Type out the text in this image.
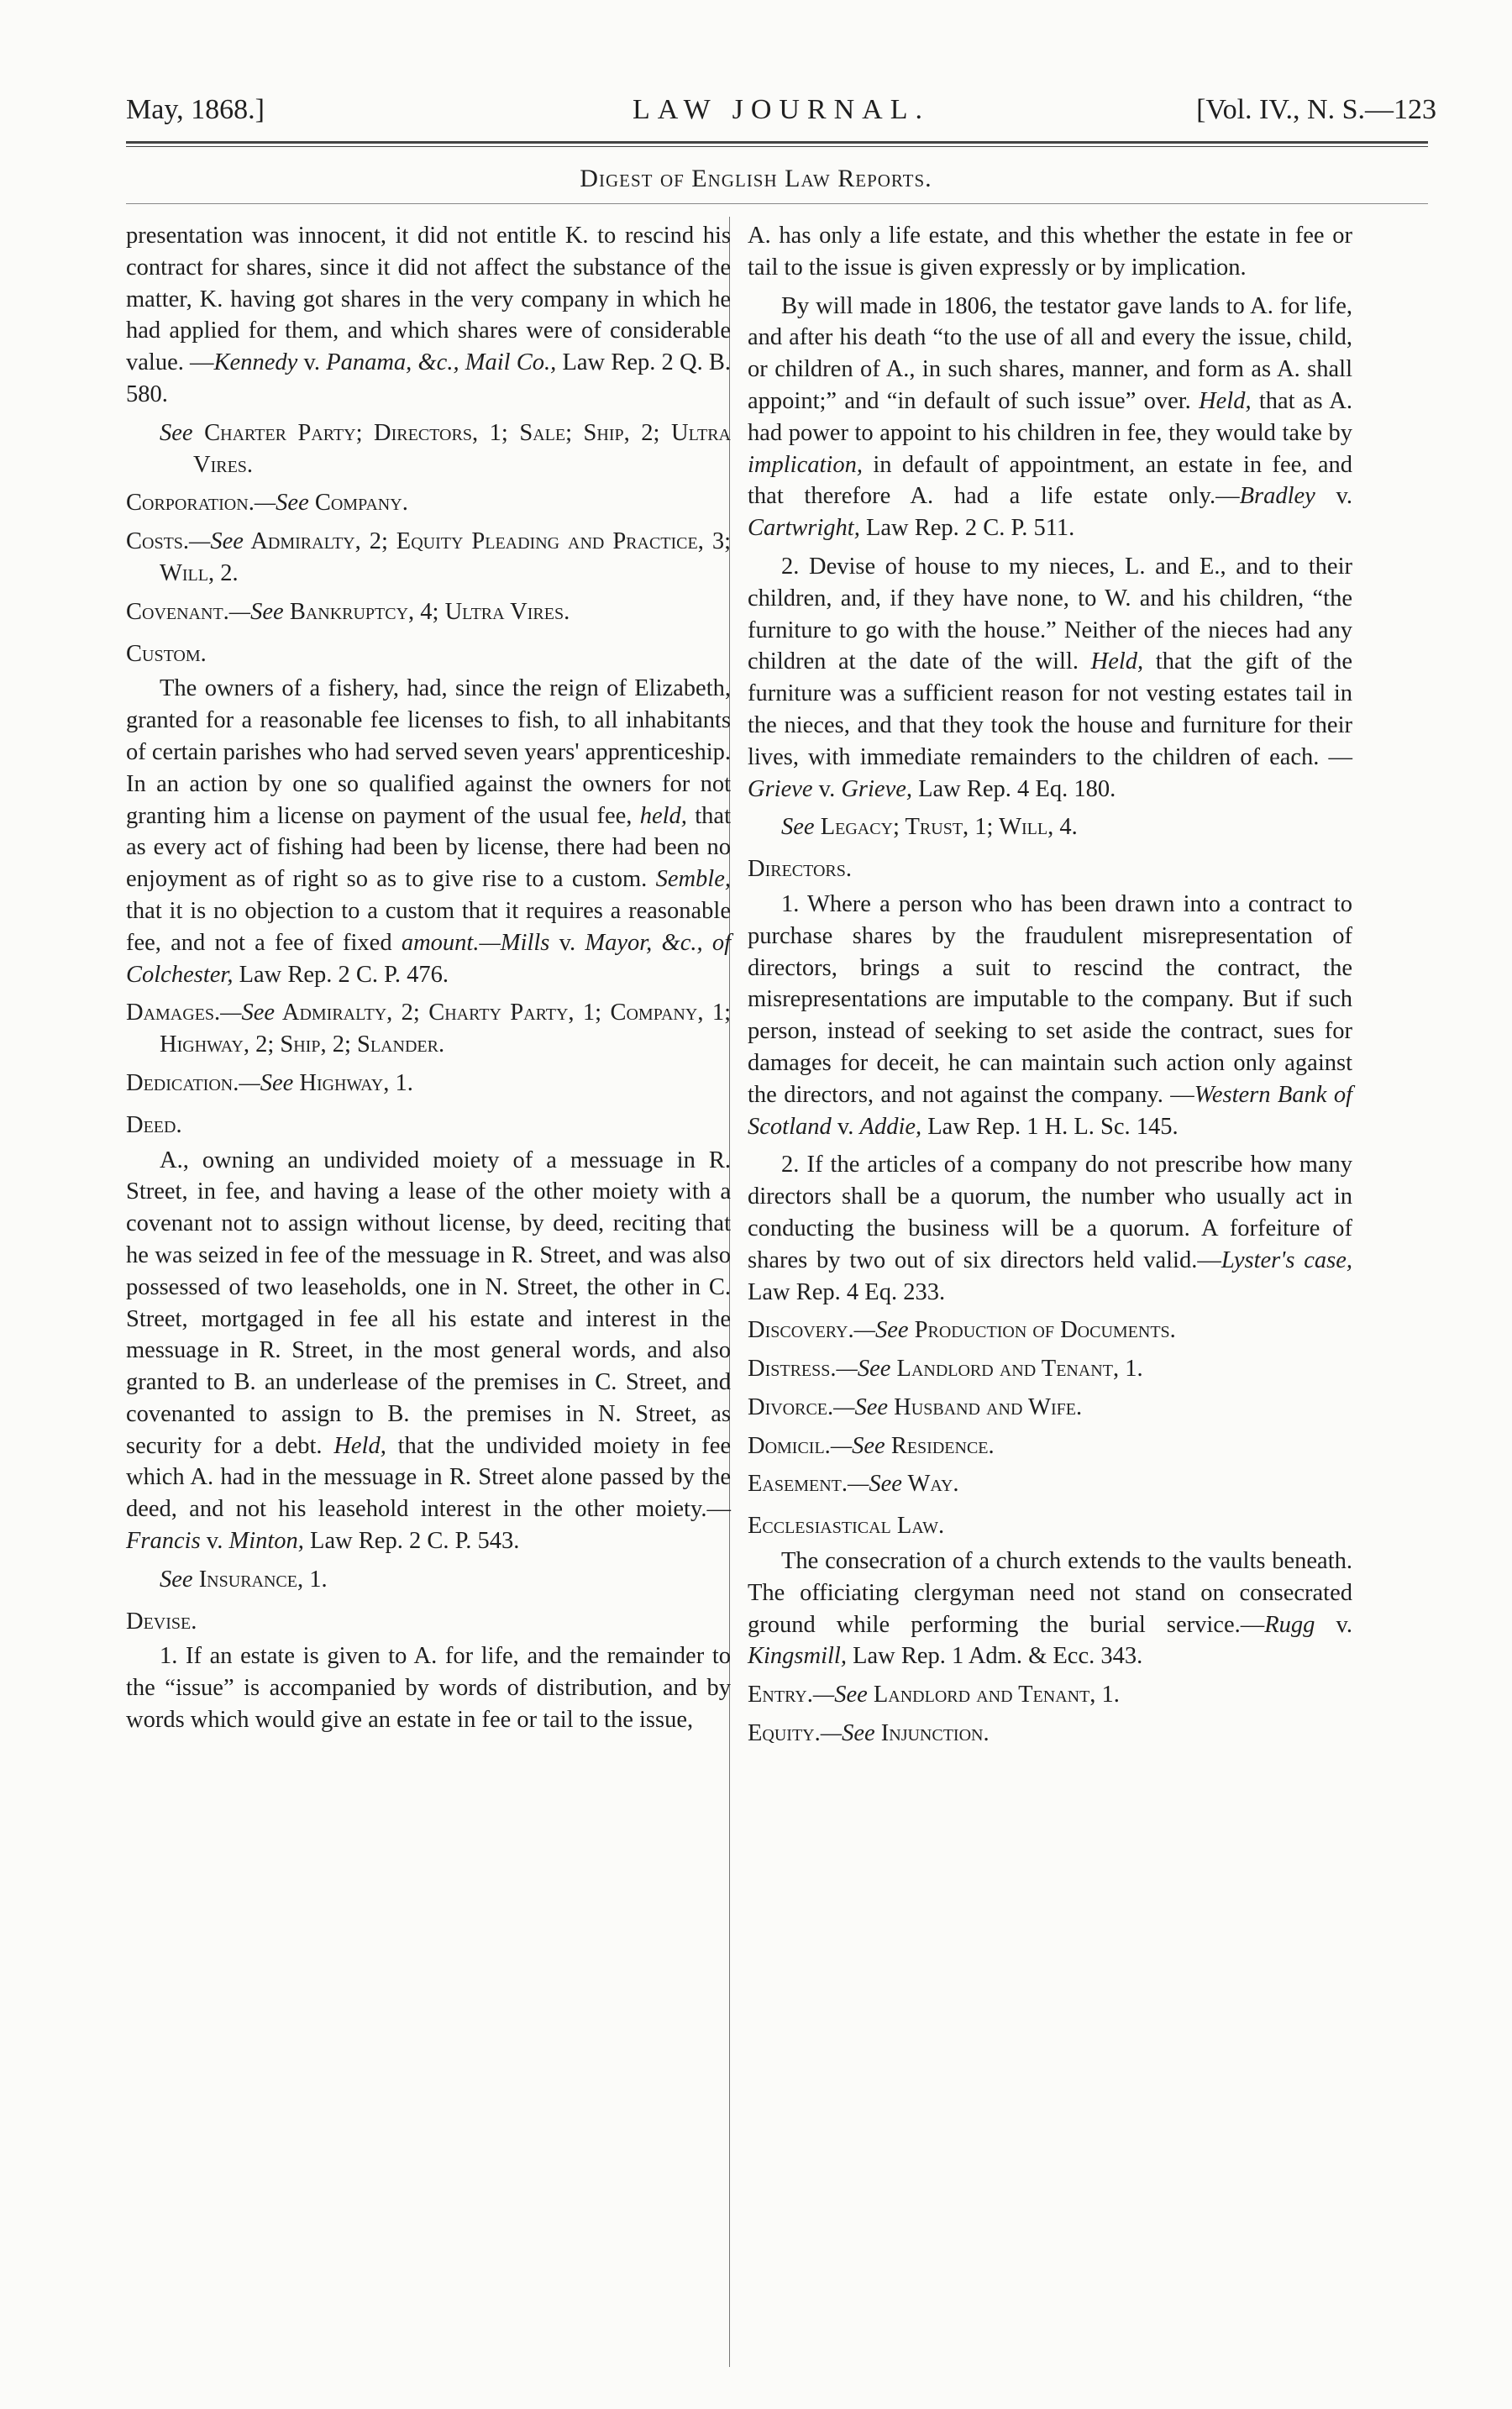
May, 1868.]	LAW JOURNAL.	[Vol. IV., N. S.—123
Digest of English Law Reports.

presentation was innocent, it did not entitle K. to rescind his contract for shares, since it did not affect the substance of the matter, K. having got shares in the very company in which he had applied for them, and which shares were of considerable value. —Kennedy v. Panama, &c., Mail Co., Law Rep. 2 Q. B. 580.

See Charter Party; Directors, 1; Sale; Ship, 2; Ultra Vires.

Corporation.—See Company.

Costs.—See Admiralty, 2; Equity Pleading and Practice, 3; Will, 2.

Covenant.—See Bankruptcy, 4; Ultra Vires.

Custom.

The owners of a fishery, had, since the reign of Elizabeth, granted for a reasonable fee licenses to fish, to all inhabitants of certain parishes who had served seven years' apprenticeship. In an action by one so qualified against the owners for not granting him a license on payment of the usual fee, held, that as every act of fishing had been by license, there had been no enjoyment as of right so as to give rise to a custom. Semble, that it is no objection to a custom that it requires a reasonable fee, and not a fee of fixed amount.—Mills v. Mayor, &c., of Colchester, Law Rep. 2 C. P. 476.

Damages.—See Admiralty, 2; Charty Party, 1; Company, 1; Highway, 2; Ship, 2; Slander.

Dedication.—See Highway, 1.

Deed.

A., owning an undivided moiety of a messuage in R. Street, in fee, and having a lease of the other moiety with a covenant not to assign without license, by deed, reciting that he was seized in fee of the messuage in R. Street, and was also possessed of two leaseholds, one in N. Street, the other in C. Street, mortgaged in fee all his estate and interest in the messuage in R. Street, in the most general words, and also granted to B. an underlease of the premises in C. Street, and covenanted to assign to B. the premises in N. Street, as security for a debt. Held, that the undivided moiety in fee which A. had in the messuage in R. Street alone passed by the deed, and not his leasehold interest in the other moiety.—Francis v. Minton, Law Rep. 2 C. P. 543.

See Insurance, 1.

Devise.

1. If an estate is given to A. for life, and the remainder to the “issue” is accompanied by words of distribution, and by words which would give an estate in fee or tail to the issue,

A. has only a life estate, and this whether the estate in fee or tail to the issue is given expressly or by implication.

By will made in 1806, the testator gave lands to A. for life, and after his death “to the use of all and every the issue, child, or children of A., in such shares, manner, and form as A. shall appoint;” and “in default of such issue” over. Held, that as A. had power to appoint to his children in fee, they would take by implication, in default of appointment, an estate in fee, and that therefore A. had a life estate only.—Bradley v. Cartwright, Law Rep. 2 C. P. 511.

2. Devise of house to my nieces, L. and E., and to their children, and, if they have none, to W. and his children, “the furniture to go with the house.” Neither of the nieces had any children at the date of the will. Held, that the gift of the furniture was a sufficient reason for not vesting estates tail in the nieces, and that they took the house and furniture for their lives, with immediate remainders to the children of each. — Grieve v. Grieve, Law Rep. 4 Eq. 180.

See Legacy; Trust, 1; Will, 4.

Directors.

1. Where a person who has been drawn into a contract to purchase shares by the fraudulent misrepresentation of directors, brings a suit to rescind the contract, the misrepresentations are imputable to the company. But if such person, instead of seeking to set aside the contract, sues for damages for deceit, he can maintain such action only against the directors, and not against the company. —Western Bank of Scotland v. Addie, Law Rep. 1 H. L. Sc. 145.

2. If the articles of a company do not prescribe how many directors shall be a quorum, the number who usually act in conducting the business will be a quorum. A forfeiture of shares by two out of six directors held valid.—Lyster's case, Law Rep. 4 Eq. 233.

Discovery.—See Production of Documents.

Distress.—See Landlord and Tenant, 1.

Divorce.—See Husband and Wife.

Domicil.—See Residence.

Easement.—See Way.

Ecclesiastical Law.

The consecration of a church extends to the vaults beneath. The officiating clergyman need not stand on consecrated ground while performing the burial service.—Rugg v. Kingsmill, Law Rep. 1 Adm. & Ecc. 343.

Entry.—See Landlord and Tenant, 1.

Equity.—See Injunction.
